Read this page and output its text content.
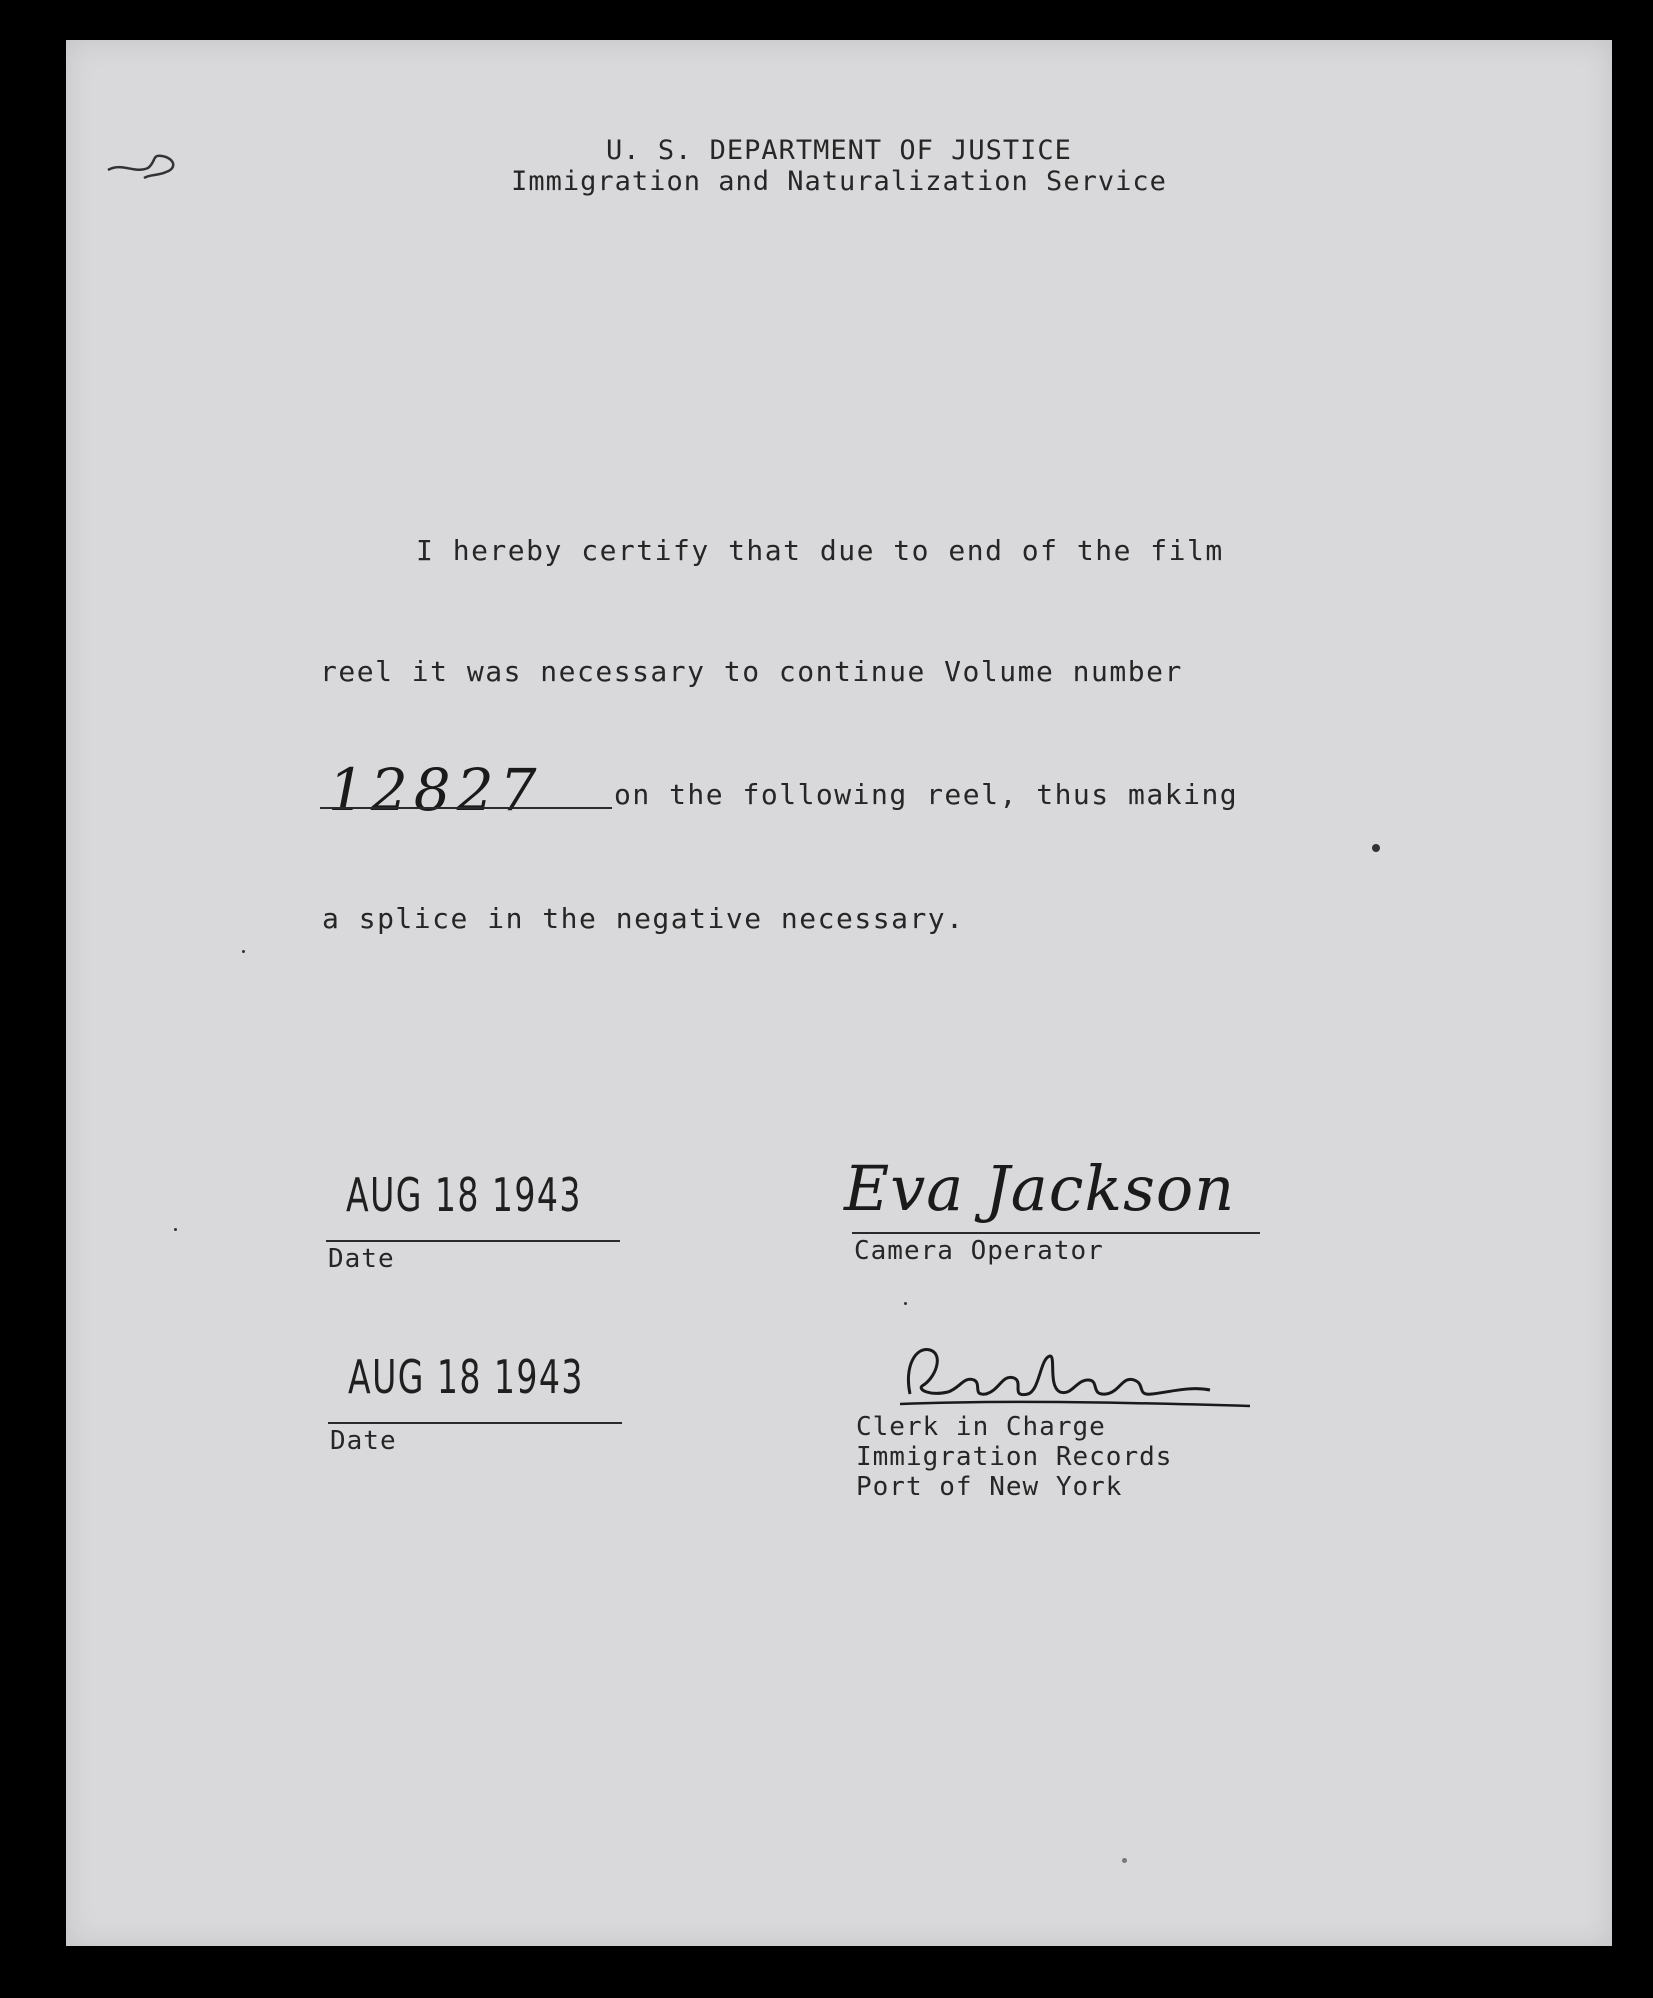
U. S. DEPARTMENT OF JUSTICE
Immigration and Naturalization Service
I hereby certify that due to end of the film
reel it was necessary to continue Volume number
12827	on the following reel, thus making
a splice in the negative necessary.
AUG 18 1943
Date
Eva Jackson
Camera Operator
AUG 18 1943
Date	Clerk in Charge
Immigration Records
Port of New York
